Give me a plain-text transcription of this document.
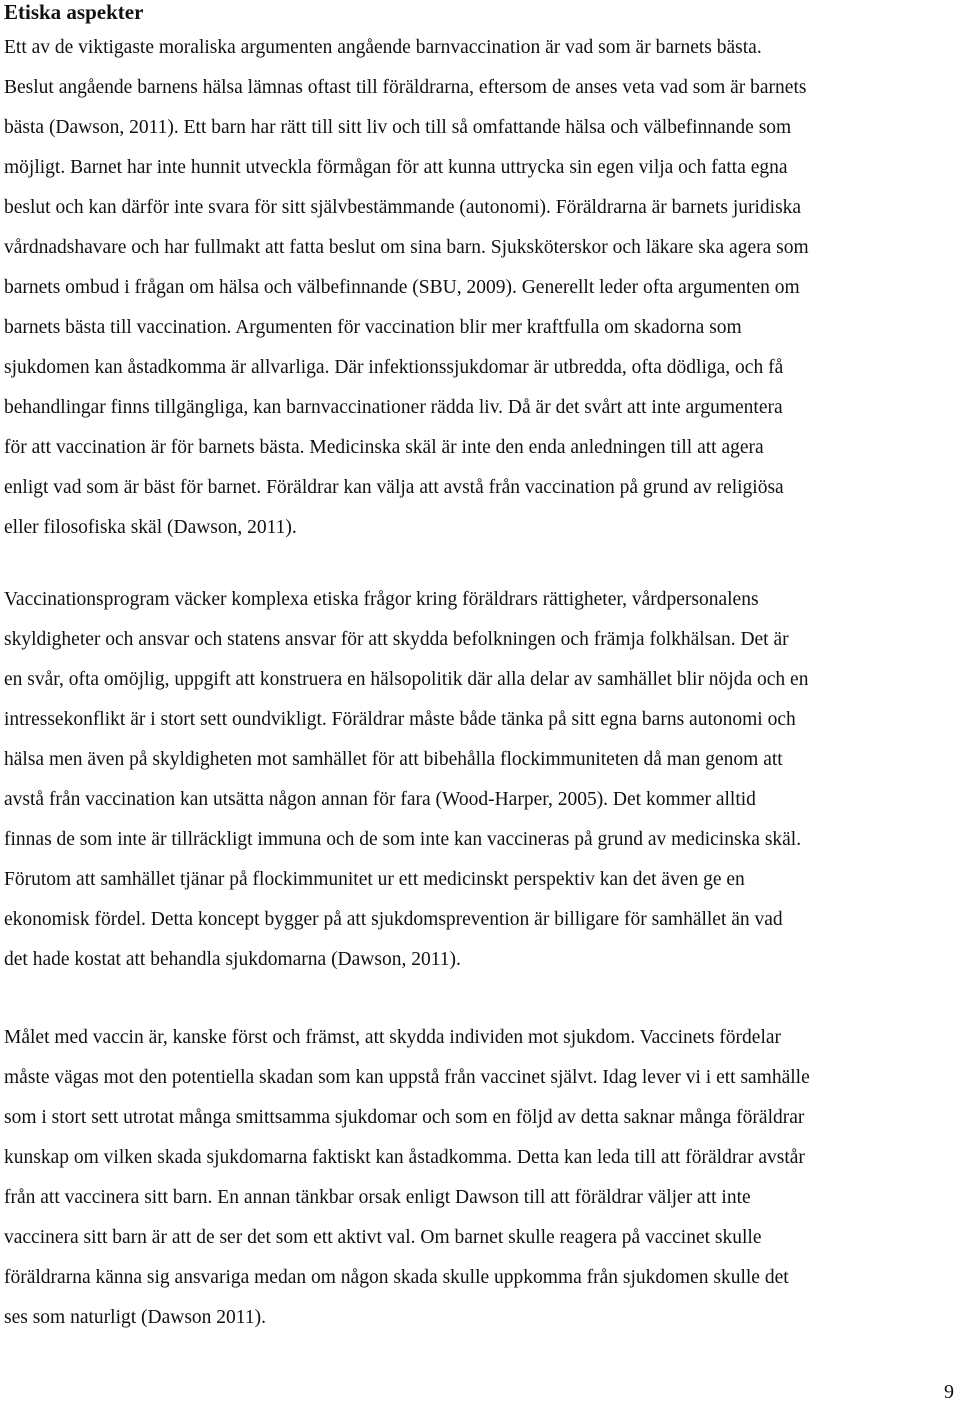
Etiska aspekter

Ett av de viktigaste moraliska argumenten angående barnvaccination är vad som är barnets bästa.
Beslut angående barnens hälsa lämnas oftast till föräldrarna, eftersom de anses veta vad som är barnets
bästa (Dawson, 2011). Ett barn har rätt till sitt liv och till så omfattande hälsa och välbefinnande som
möjligt. Barnet har inte hunnit utveckla förmågan för att kunna uttrycka sin egen vilja och fatta egna
beslut och kan därför inte svara för sitt självbestämmande (autonomi). Föräldrarna är barnets juridiska
vårdnadshavare och har fullmakt att fatta beslut om sina barn. Sjuksköterskor och läkare ska agera som
barnets ombud i frågan om hälsa och välbefinnande (SBU, 2009). Generellt leder ofta argumenten om
barnets bästa till vaccination. Argumenten för vaccination blir mer kraftfulla om skadorna som
sjukdomen kan åstadkomma är allvarliga. Där infektionssjukdomar är utbredda, ofta dödliga, och få
behandlingar finns tillgängliga, kan barnvaccinationer rädda liv. Då är det svårt att inte argumentera
för att vaccination är för barnets bästa. Medicinska skäl är inte den enda anledningen till att agera
enligt vad som är bäst för barnet. Föräldrar kan välja att avstå från vaccination på grund av religiösa
eller filosofiska skäl (Dawson, 2011).

Vaccinationsprogram väcker komplexa etiska frågor kring föräldrars rättigheter, vårdpersonalens
skyldigheter och ansvar och statens ansvar för att skydda befolkningen och främja folkhälsan. Det är
en svår, ofta omöjlig, uppgift att konstruera en hälsopolitik där alla delar av samhället blir nöjda och en
intressekonflikt är i stort sett oundvikligt. Föräldrar måste både tänka på sitt egna barns autonomi och
hälsa men även på skyldigheten mot samhället för att bibehålla flockimmuniteten då man genom att
avstå från vaccination kan utsätta någon annan för fara (Wood-Harper, 2005). Det kommer alltid
finnas de som inte är tillräckligt immuna och de som inte kan vaccineras på grund av medicinska skäl.
Förutom att samhället tjänar på flockimmunitet ur ett medicinskt perspektiv kan det även ge en
ekonomisk fördel. Detta koncept bygger på att sjukdomsprevention är billigare för samhället än vad
det hade kostat att behandla sjukdomarna (Dawson, 2011).

Målet med vaccin är, kanske först och främst, att skydda individen mot sjukdom. Vaccinets fördelar
måste vägas mot den potentiella skadan som kan uppstå från vaccinet självt. Idag lever vi i ett samhälle
som i stort sett utrotat många smittsamma sjukdomar och som en följd av detta saknar många föräldrar
kunskap om vilken skada sjukdomarna faktiskt kan åstadkomma. Detta kan leda till att föräldrar avstår
från att vaccinera sitt barn. En annan tänkbar orsak enligt Dawson till att föräldrar väljer att inte
vaccinera sitt barn är att de ser det som ett aktivt val. Om barnet skulle reagera på vaccinet skulle
föräldrarna känna sig ansvariga medan om någon skada skulle uppkomma från sjukdomen skulle det
ses som naturligt (Dawson 2011).

9
